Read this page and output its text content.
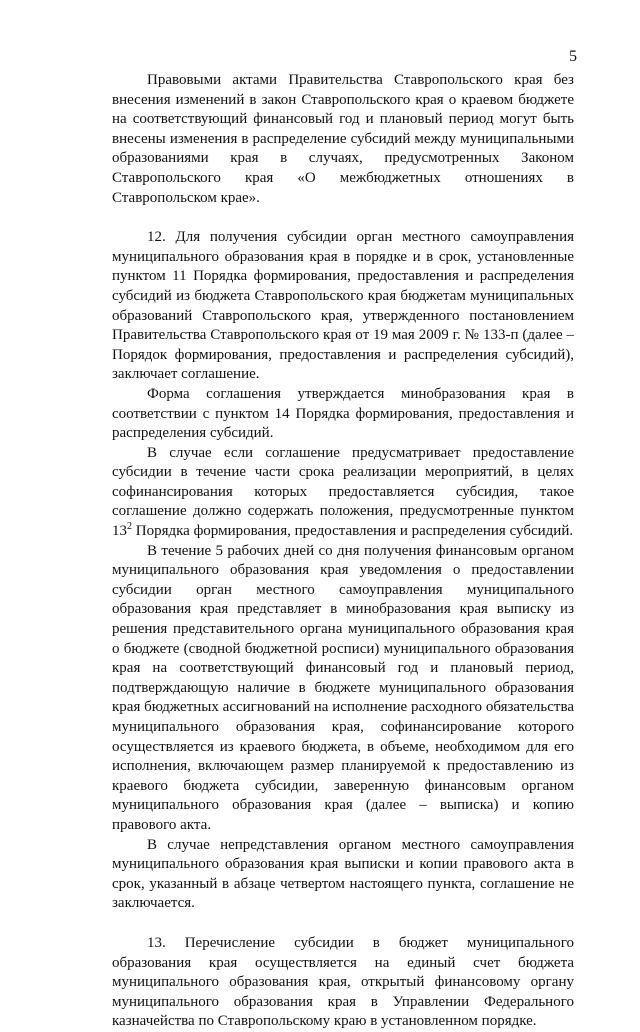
5

Правовыми актами Правительства Ставропольского края без внесения изменений в закон Ставропольского края о краевом бюджете на соответствующий финансовый год и плановый период могут быть внесены изменения в распределение субсидий между муниципальными образованиями края в случаях, предусмотренных Законом Ставропольского края «О межбюджетных отношениях в Ставропольском крае».

12. Для получения субсидии орган местного самоуправления муниципального образования края в порядке и в срок, установленные пунктом 11 Порядка формирования, предоставления и распределения субсидий из бюджета Ставропольского края бюджетам муниципальных образований Ставропольского края, утвержденного постановлением Правительства Ставропольского края от 19 мая 2009 г. № 133-п (далее – Порядок формирования, предоставления и распределения субсидий), заключает соглашение.

Форма соглашения утверждается минобразования края в соответствии с пунктом 14 Порядка формирования, предоставления и распределения субсидий.

В случае если соглашение предусматривает предоставление субсидии в течение части срока реализации мероприятий, в целях софинансирования которых предоставляется субсидия, такое соглашение должно содержать положения, предусмотренные пунктом $13^2$ Порядка формирования, предоставления и распределения субсидий.

В течение 5 рабочих дней со дня получения финансовым органом муниципального образования края уведомления о предоставлении субсидии орган местного самоуправления муниципального образования края представляет в минобразования края выписку из решения представительного органа муниципального образования края о бюджете (сводной бюджетной росписи) муниципального образования края на соответствующий финансовый год и плановый период, подтверждающую наличие в бюджете муниципального образования края бюджетных ассигнований на исполнение расходного обязательства муниципального образования края, софинансирование которого осуществляется из краевого бюджета, в объеме, необходимом для его исполнения, включающем размер планируемой к предоставлению из краевого бюджета субсидии, заверенную финансовым органом муниципального образования края (далее – выписка) и копию правового акта.

В случае непредставления органом местного самоуправления муниципального образования края выписки и копии правового акта в срок, указанный в абзаце четвертом настоящего пункта, соглашение не заключается.

13. Перечисление субсидии в бюджет муниципального образования края осуществляется на единый счет бюджета муниципального образования края, открытый финансовому органу муниципального образования края в Управлении Федерального казначейства по Ставропольскому краю в установленном порядке.
